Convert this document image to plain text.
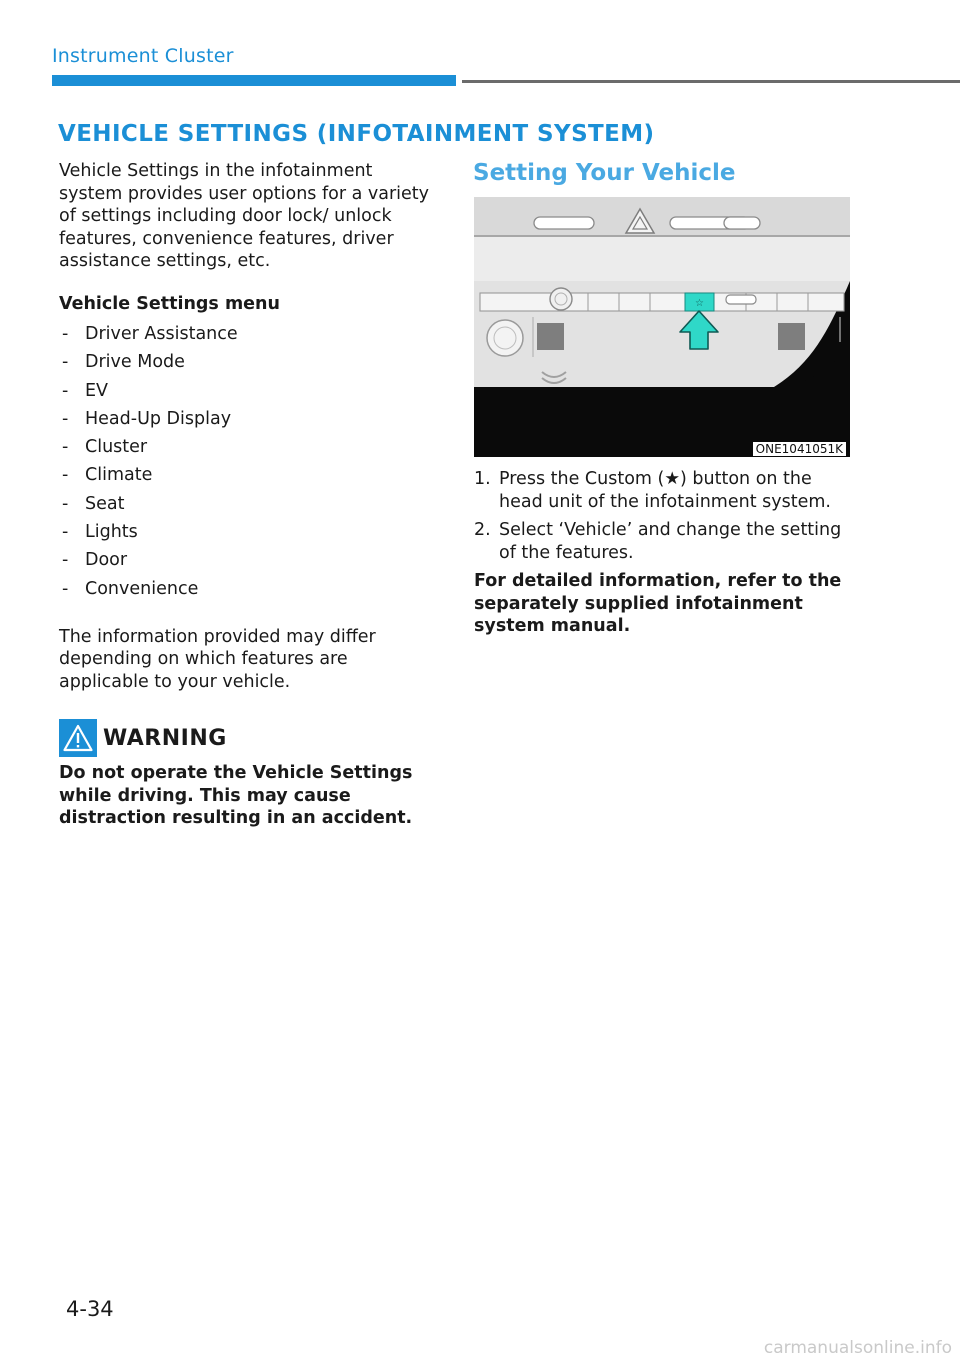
Instrument Cluster
VEHICLE SETTINGS (INFOTAINMENT SYSTEM)

Vehicle Settings in the infotainment system provides user options for a variety of settings including door lock/ unlock features, convenience features, driver assistance settings, etc.

Vehicle Settings menu
- Driver Assistance
- Drive Mode
- EV
- Head-Up Display
- Cluster
- Climate
- Seat
- Lights
- Door
- Convenience

The information provided may differ depending on which features are applicable to your vehicle.

WARNING

Do not operate the Vehicle Settings while driving. This may cause distraction resulting in an accident.

Setting Your Vehicle
☆
ONE1041051K
1. Press the Custom (★) button on the head unit of the infotainment system.
2. Select ‘Vehicle’ and change the setting of the features.

For detailed information, refer to the separately supplied infotainment system manual.

4-34
carmanualsonline.info
